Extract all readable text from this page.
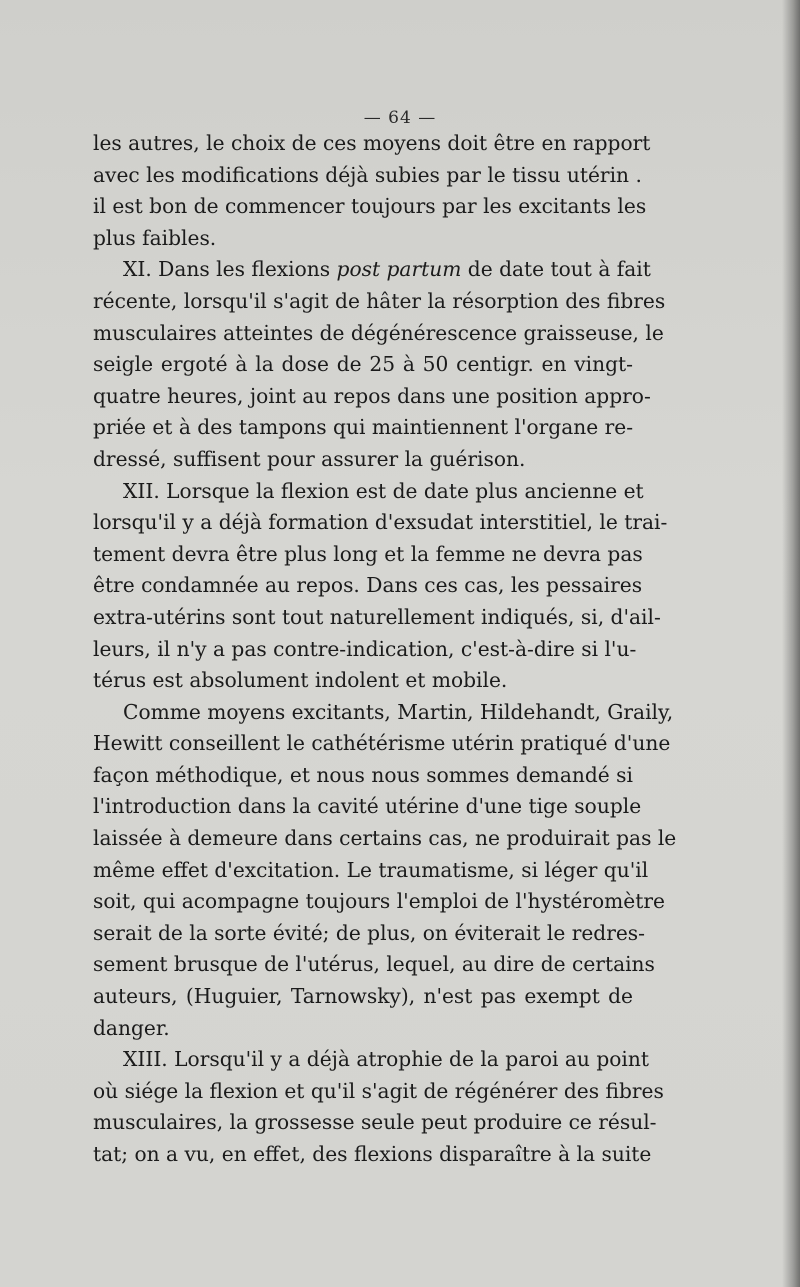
— 64 —
les autres, le choix de ces moyens doit être en rapport
avec les modifications déjà subies par le tissu utérin .
il est bon de commencer toujours par les excitants les
plus faibles.
XI. Dans les flexions post partum de date tout à fait
récente, lorsqu'il s'agit de hâter la résorption des fibres
musculaires atteintes de dégénérescence graisseuse, le
seigle ergoté à la dose de 25 à 50 centigr. en vingt-
quatre heures, joint au repos dans une position appro-
priée et à des tampons qui maintiennent l'organe re-
dressé, suffisent pour assurer la guérison.
XII. Lorsque la flexion est de date plus ancienne et
lorsqu'il y a déjà formation d'exsudat interstitiel, le trai-
tement devra être plus long et la femme ne devra pas
être condamnée au repos. Dans ces cas, les pessaires
extra-utérins sont tout naturellement indiqués, si, d'ail-
leurs, il n'y a pas contre-indication, c'est-à-dire si l'u-
térus est absolument indolent et mobile.
Comme moyens excitants, Martin, Hildehandt, Graily,
Hewitt conseillent le cathétérisme utérin pratiqué d'une
façon méthodique, et nous nous sommes demandé si
l'introduction dans la cavité utérine d'une tige souple
laissée à demeure dans certains cas, ne produirait pas le
même effet d'excitation. Le traumatisme, si léger qu'il
soit, qui acompagne toujours l'emploi de l'hystéromètre
serait de la sorte évité; de plus, on éviterait le redres-
sement brusque de l'utérus, lequel, au dire de certains
auteurs, (Huguier, Tarnowsky), n'est pas exempt de
danger.
XIII. Lorsqu'il y a déjà atrophie de la paroi au point
où siége la flexion et qu'il s'agit de régénérer des fibres
musculaires, la grossesse seule peut produire ce résul-
tat; on a vu, en effet, des flexions disparaître à la suite
